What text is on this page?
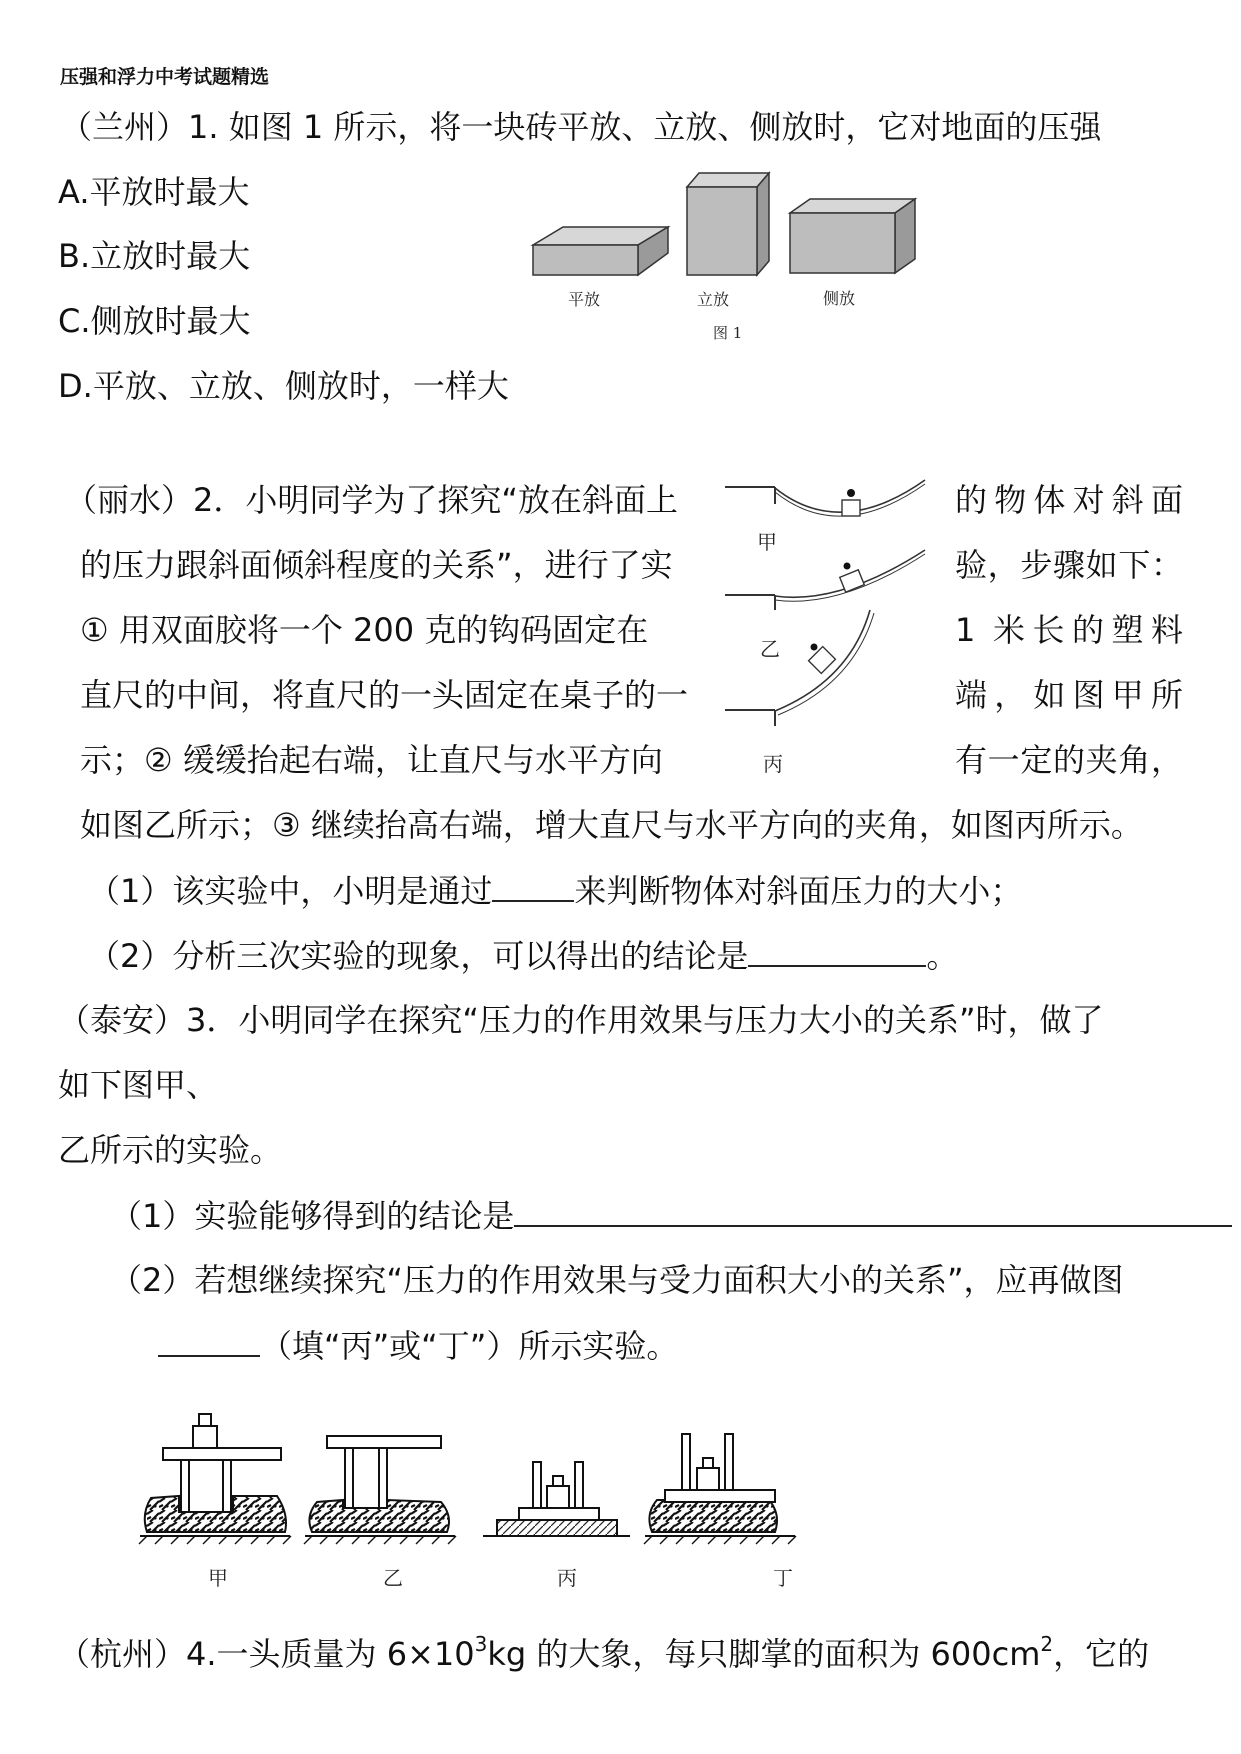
压强和浮力中考试题精选
（兰州）1. 如图 1 所示，将一块砖平放、立放、侧放时，它对地面的压强
A.平放时最大
B.立放时最大
C.侧放时最大
D.平放、立放、侧放时，一样大
平放	立放	侧放
图 1
（丽水）2．小明同学为了探究“放在斜面上	的物体对斜面
的压力跟斜面倾斜程度的关系”，进行了实	验，步骤如下：
① 用双面胶将一个 200 克的钩码固定在	1 米长的塑料
直尺的中间，将直尺的一头固定在桌子的一	端，如图甲所
示；② 缓缓抬起右端，让直尺与水平方向	有一定的夹角，
如图乙所示；③ 继续抬高右端，增大直尺与水平方向的夹角，如图丙所示。
（1）该实验中，小明是通过	来判断物体对斜面压力的大小；
（2）分析三次实验的现象，可以得出的结论是	。
甲
乙
丙
（泰安）3．小明同学在探究“压力的作用效果与压力大小的关系”时，做了
如下图甲、
乙所示的实验。
（1）实验能够得到的结论是
（2）若想继续探究“压力的作用效果与受力面积大小的关系”，应再做图
（填“丙”或“丁”）所示实验。
甲	乙	丙	丁
（杭州）4.一头质量为 $6\times 10^3kg$ 的大象，每只脚掌的面积为 $600cm^2$，它的
